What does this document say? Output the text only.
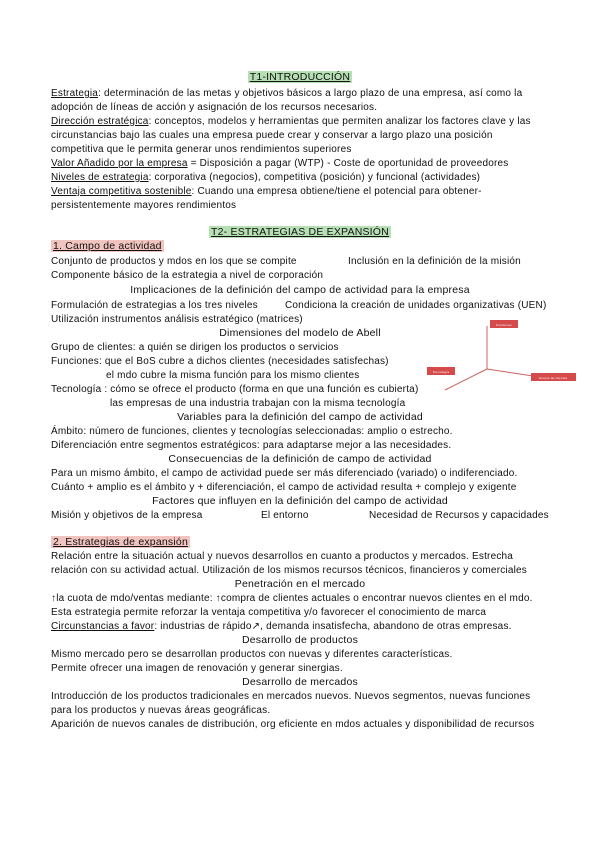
T1-INTRODUCCIÓN
Estrategia: determinación de las metas y objetivos básicos a largo plazo de una empresa, así como la
adopción de líneas de acción y asignación de los recursos necesarios.
Dirección estratégica: conceptos, modelos y herramientas que permiten analizar los factores clave y las
circunstancias bajo las cuales una empresa puede crear y conservar a largo plazo una posición
competitiva que le permita generar unos rendimientos superiores
Valor Añadido por la empresa = Disposición a pagar (WTP) - Coste de oportunidad de proveedores
Niveles de estrategia: corporativa (negocios), competitiva (posición) y funcional (actividades)
Ventaja competitiva sostenible: Cuando una empresa obtiene/tiene el potencial para obtener-
persistentemente mayores rendimientos
T2- ESTRATEGIAS DE EXPANSIÓN
1. Campo de actividad
Conjunto de productos y mdos en los que se compite	Inclusión en la definición de la misión
Componente básico de la estrategia a nivel de corporación
Implicaciones de la definición del campo de actividad para la empresa
Formulación de estrategias a los tres niveles	Condiciona la creación de unidades organizativas (UEN)
Utilización instrumentos análisis estratégico (matrices)
Dimensiones del modelo de Abell
Grupo de clientes: a quién se dirigen los productos o servicios
Funciones: que el BoS cubre a dichos clientes (necesidades satisfechas)
el mdo cubre la misma función para los mismo clientes
Tecnología : cómo se ofrece el producto (forma en que una función es cubierta)
las empresas de una industria trabajan con la misma tecnología
Funciones
Tecnología
Grupos de clientes
Variables para la definición del campo de actividad
Ámbito: número de funciones, clientes y tecnologías seleccionadas: amplio o estrecho.
Diferenciación entre segmentos estratégicos: para adaptarse mejor a las necesidades.
Consecuencias de la definición de campo de actividad
Para un mismo ámbito, el campo de actividad puede ser más diferenciado (variado) o indiferenciado.
Cuánto + amplio es el ámbito y + diferenciación, el campo de actividad resulta + complejo y exigente
Factores que influyen en la definición del campo de actividad
Misión y objetivos de la empresa	El entorno	Necesidad de Recursos y capacidades
2. Estrategias de expansión
Relación entre la situación actual y nuevos desarrollos en cuanto a productos y mercados. Estrecha
relación con su actividad actual. Utilización de los mismos recursos técnicos, financieros y comerciales
Penetración en el mercado
↑la cuota de mdo/ventas mediante: ↑compra de clientes actuales o encontrar nuevos clientes en el mdo.
Esta estrategia permite reforzar la ventaja competitiva y/o favorecer el conocimiento de marca
Circunstancias a favor: industrias de rápido↗, demanda insatisfecha, abandono de otras empresas.
Desarrollo de productos
Mismo mercado pero se desarrollan productos con nuevas y diferentes características.
Permite ofrecer una imagen de renovación y generar sinergias.
Desarrollo de mercados
Introducción de los productos tradicionales en mercados nuevos. Nuevos segmentos, nuevas funciones
para los productos y nuevas áreas geográficas.
Aparición de nuevos canales de distribución, org eficiente en mdos actuales y disponibilidad de recursos
